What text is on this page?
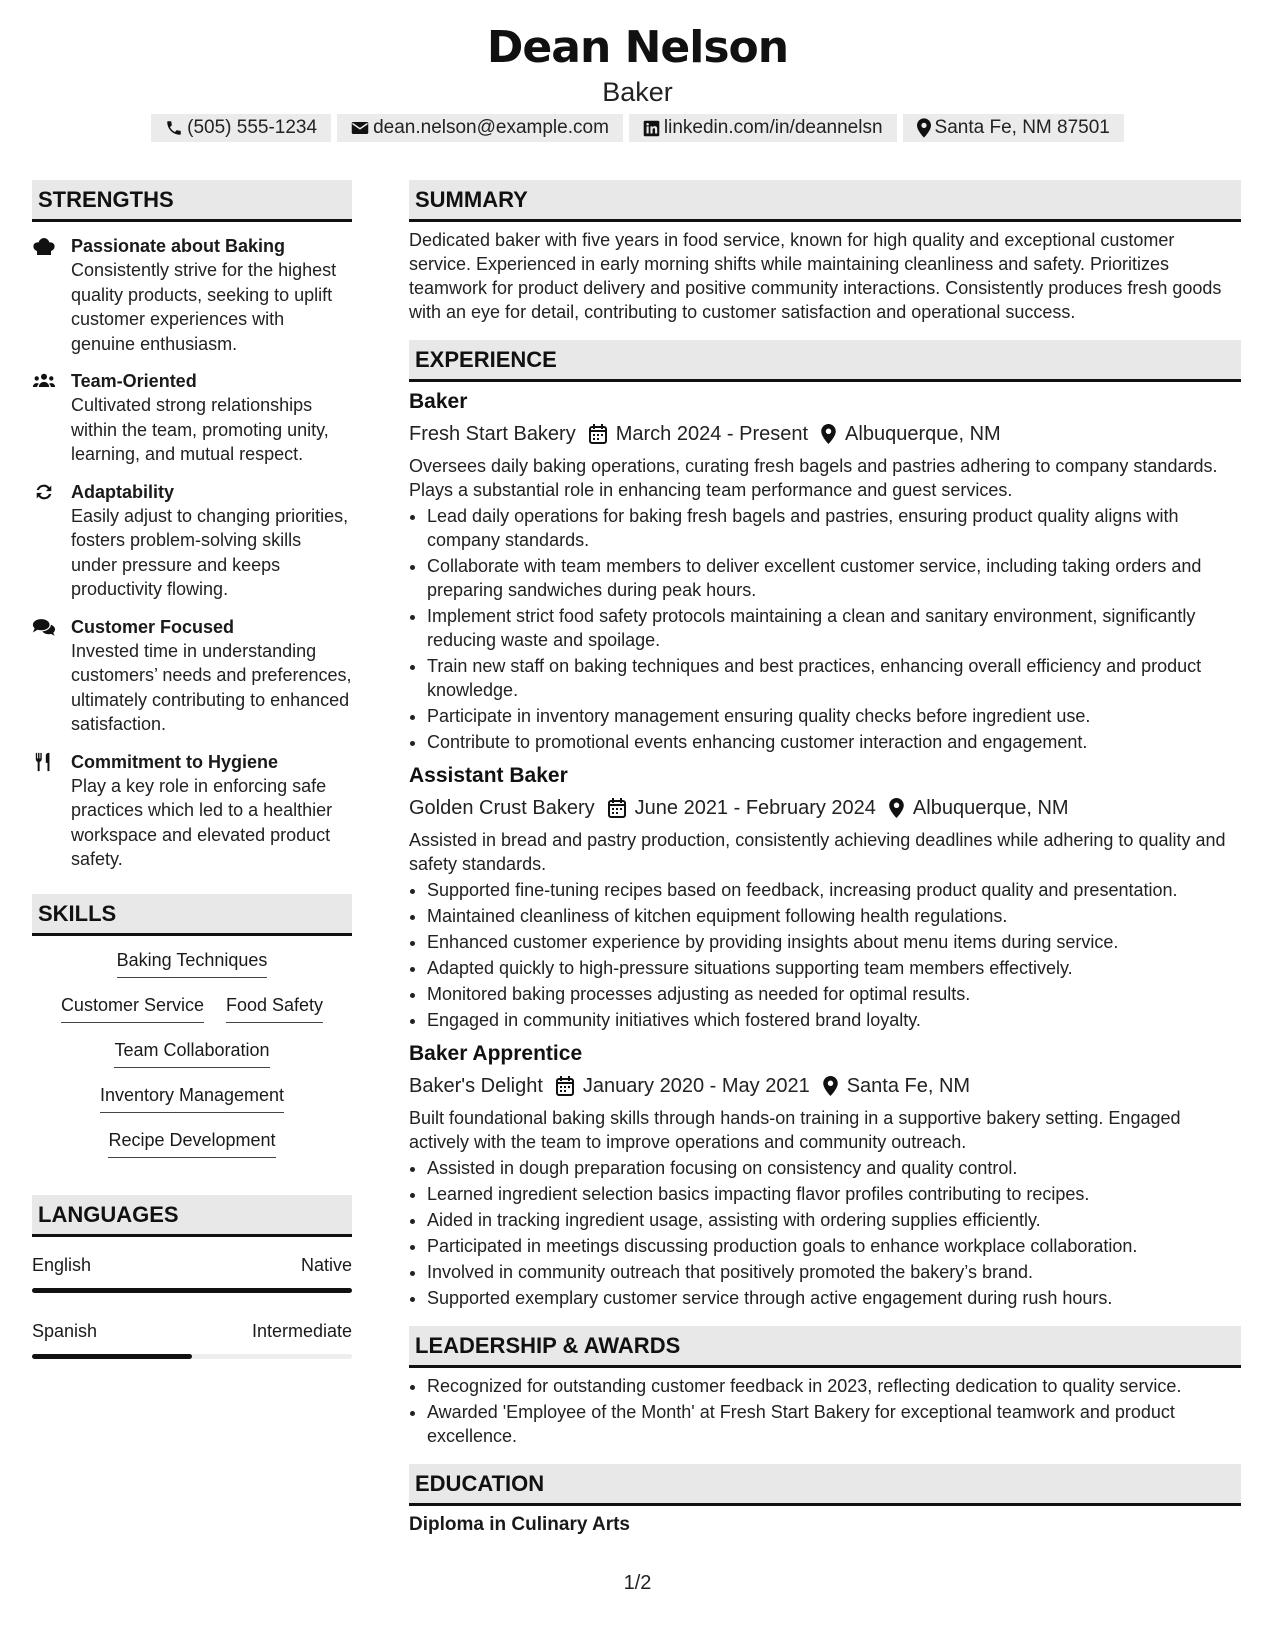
Dean Nelson
Baker
(505) 555-1234	dean.nelson@example.com	linkedin.com/in/deannelsn	Santa Fe, NM 87501
STRENGTHS
Passionate about Baking
Consistently strive for the highest quality products, seeking to uplift customer experiences with genuine enthusiasm.
Team-Oriented
Cultivated strong relationships within the team, promoting unity, learning, and mutual respect.
Adaptability
Easily adjust to changing priorities, fosters problem-solving skills under pressure and keeps productivity flowing.
Customer Focused
Invested time in understanding customers’ needs and preferences, ultimately contributing to enhanced satisfaction.
Commitment to Hygiene
Play a key role in enforcing safe practices which led to a healthier workspace and elevated product safety.
SKILLS
Baking Techniques
Customer Service Food Safety
Team Collaboration
Inventory Management
Recipe Development
LANGUAGES
English	Native
Spanish	Intermediate
SUMMARY
Dedicated baker with five years in food service, known for high quality and exceptional customer service. Experienced in early morning shifts while maintaining cleanliness and safety. Prioritizes teamwork for product delivery and positive community interactions. Consistently produces fresh goods with an eye for detail, contributing to customer satisfaction and operational success.
EXPERIENCE
Baker
Fresh Start Bakery March 2024 - Present Albuquerque, NM
Oversees daily baking operations, curating fresh bagels and pastries adhering to company standards. Plays a substantial role in enhancing team performance and guest services.
• Lead daily operations for baking fresh bagels and pastries, ensuring product quality aligns with company standards.
• Collaborate with team members to deliver excellent customer service, including taking orders and preparing sandwiches during peak hours.
• Implement strict food safety protocols maintaining a clean and sanitary environment, significantly reducing waste and spoilage.
• Train new staff on baking techniques and best practices, enhancing overall efficiency and product knowledge.
• Participate in inventory management ensuring quality checks before ingredient use.
• Contribute to promotional events enhancing customer interaction and engagement.
Assistant Baker
Golden Crust Bakery June 2021 - February 2024 Albuquerque, NM
Assisted in bread and pastry production, consistently achieving deadlines while adhering to quality and safety standards.
• Supported fine-tuning recipes based on feedback, increasing product quality and presentation.
• Maintained cleanliness of kitchen equipment following health regulations.
• Enhanced customer experience by providing insights about menu items during service.
• Adapted quickly to high-pressure situations supporting team members effectively.
• Monitored baking processes adjusting as needed for optimal results.
• Engaged in community initiatives which fostered brand loyalty.
Baker Apprentice
Baker's Delight January 2020 - May 2021 Santa Fe, NM
Built foundational baking skills through hands-on training in a supportive bakery setting. Engaged actively with the team to improve operations and community outreach.
• Assisted in dough preparation focusing on consistency and quality control.
• Learned ingredient selection basics impacting flavor profiles contributing to recipes.
• Aided in tracking ingredient usage, assisting with ordering supplies efficiently.
• Participated in meetings discussing production goals to enhance workplace collaboration.
• Involved in community outreach that positively promoted the bakery’s brand.
• Supported exemplary customer service through active engagement during rush hours.
LEADERSHIP & AWARDS
• Recognized for outstanding customer feedback in 2023, reflecting dedication to quality service.
• Awarded 'Employee of the Month' at Fresh Start Bakery for exceptional teamwork and product excellence.
EDUCATION
Diploma in Culinary Arts
1/2
